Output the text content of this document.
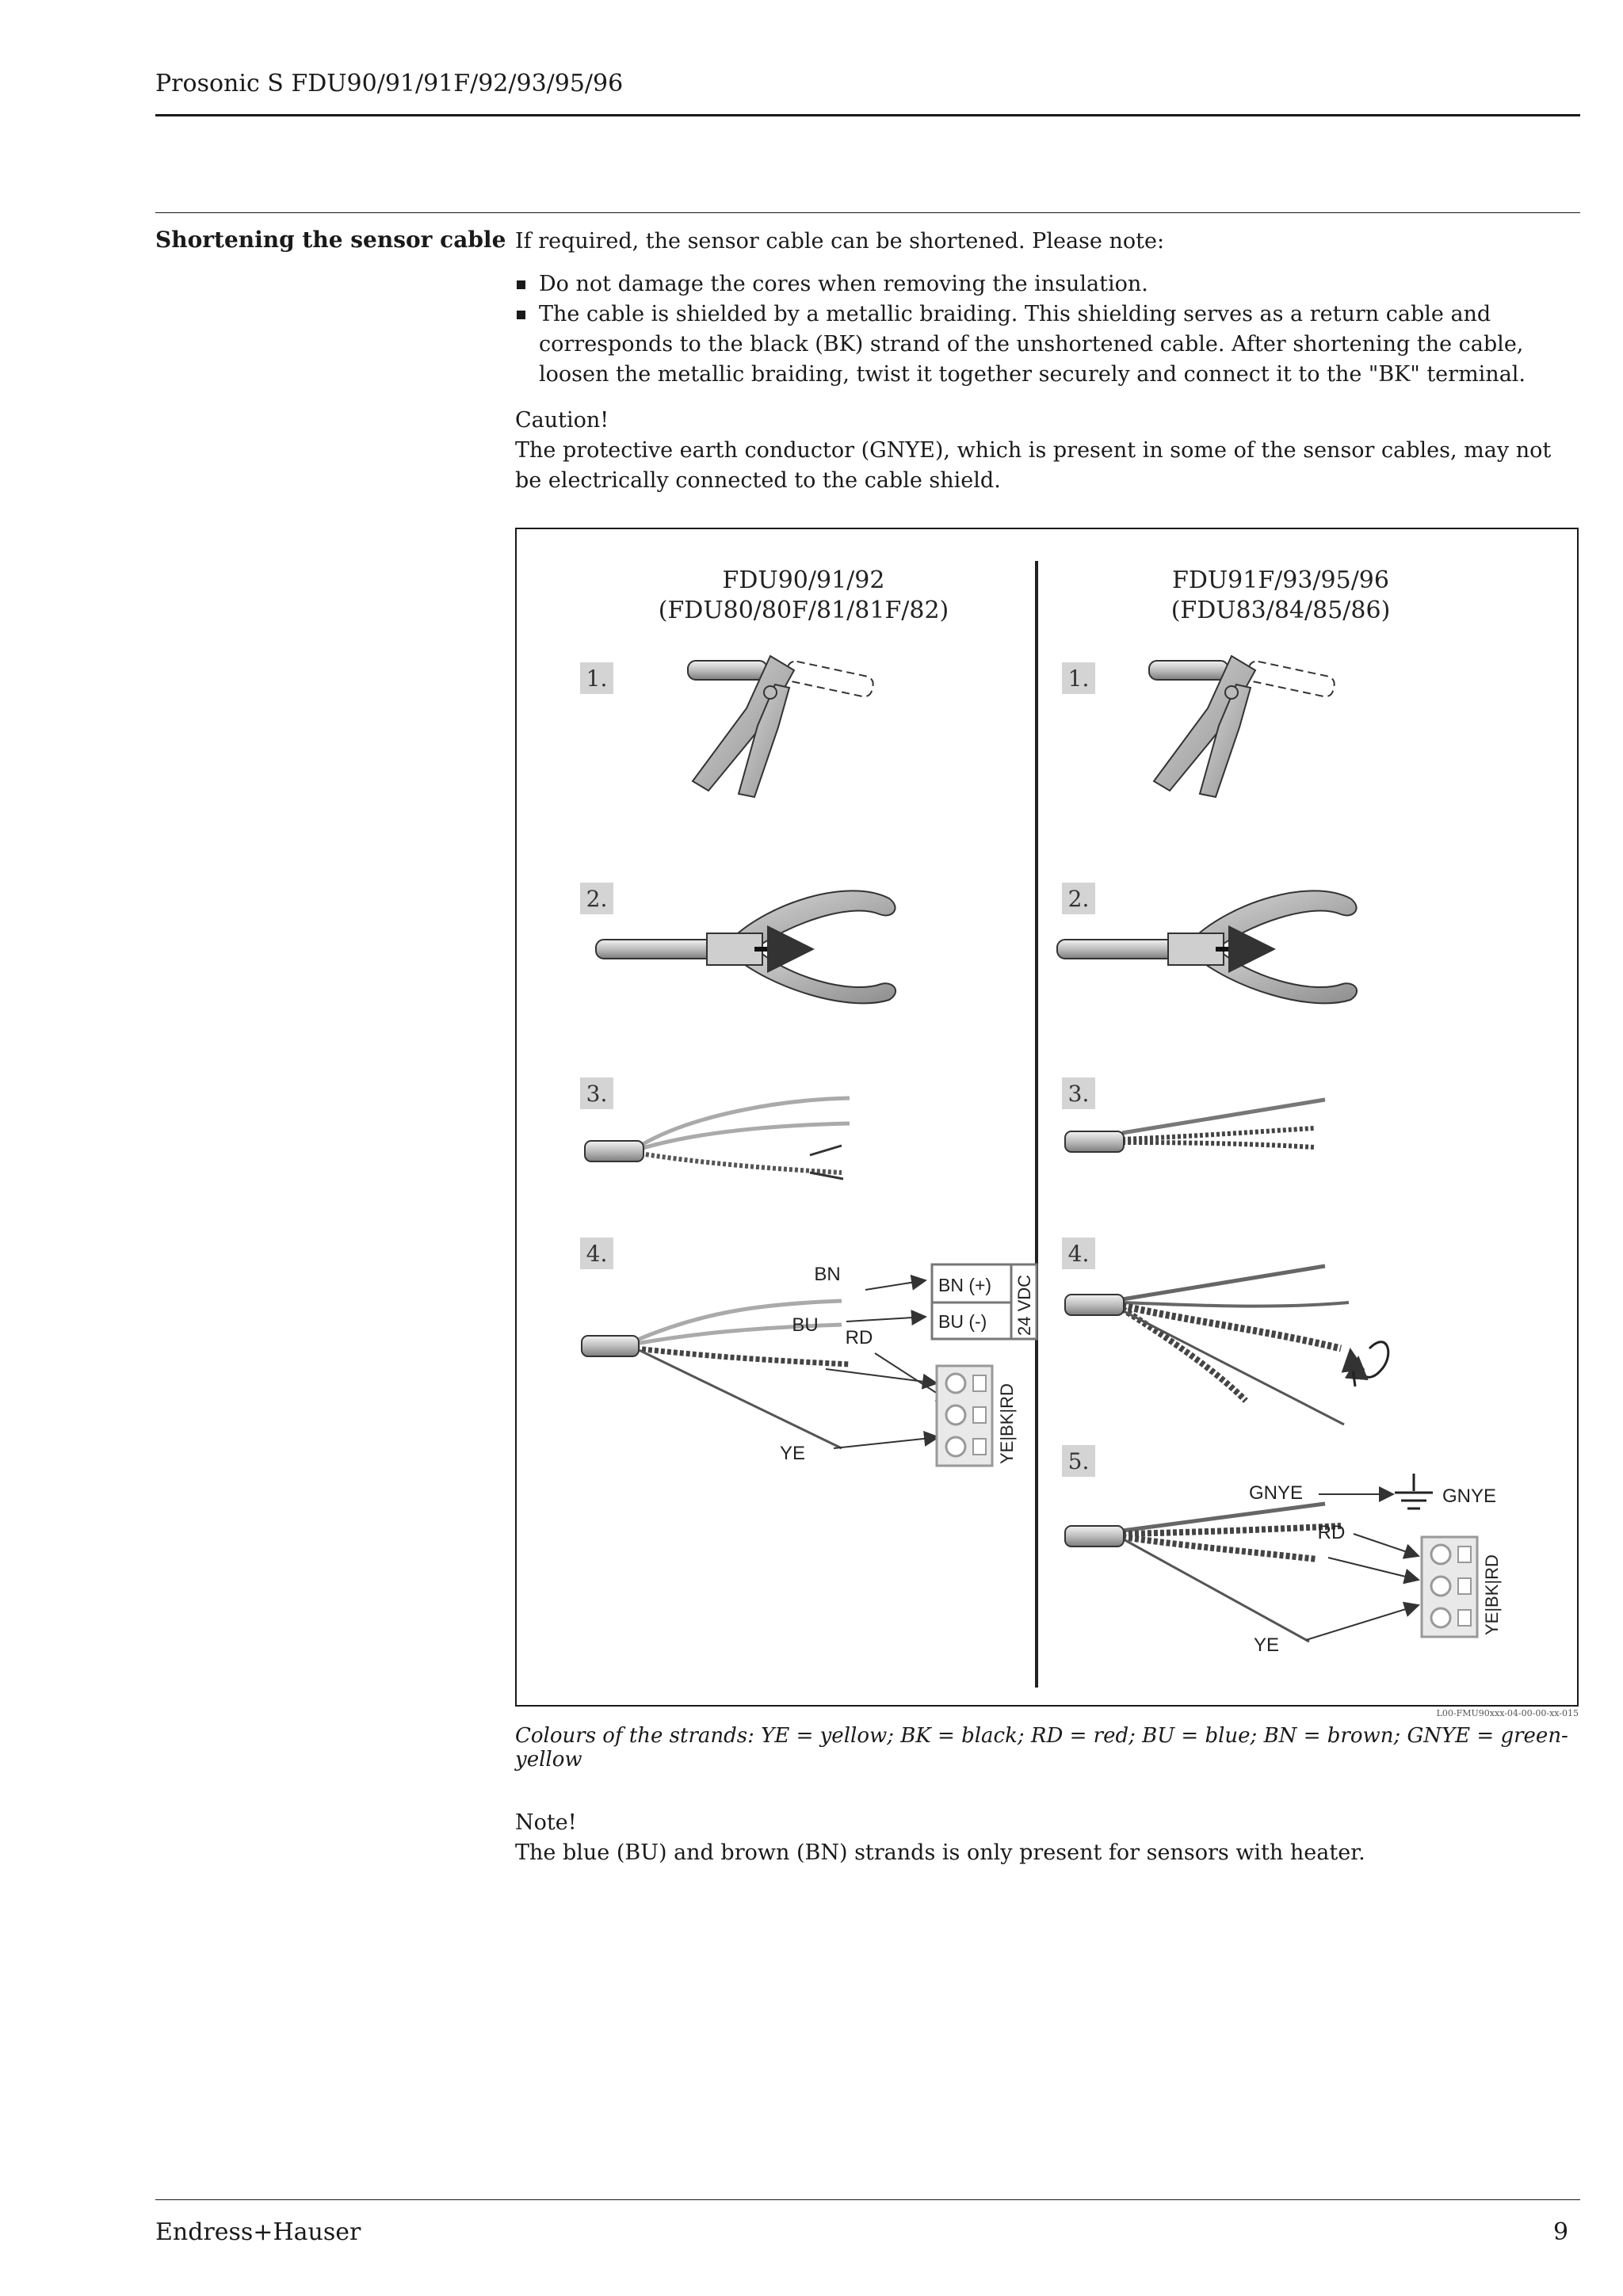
Prosonic S FDU90/91/91F/92/93/95/96
Shortening the sensor cable If required, the sensor cable can be shortened. Please note:
Do not damage the cores when removing the insulation.
The cable is shielded by a metallic braiding. This shielding serves as a return cable and corresponds to the black (BK) strand of the unshortened cable. After shortening the cable, loosen the metallic braiding, twist it together securely and connect it to the "BK" terminal.
Caution!
The protective earth conductor (GNYE), which is present in some of the sensor cables, may not be electrically connected to the cable shield.
FDU90/91/92
(FDU80/80F/81/81F/82)
FDU91F/93/95/96
(FDU83/84/85/86)
1.
2.
3.
4.
BN
BU
RD
YE
BN (+)
BU (-) 24 VDC
YE|BK|RD
1.
2.
3.
4.
5.
GNYE
RD
YE
GNYE
YE|BK|RD
L00-FMU90xxx-04-00-00-xx-015
Colours of the strands: YE = yellow; BK = black; RD = red; BU = blue; BN = brown; GNYE = green-yellow
Note!
The blue (BU) and brown (BN) strands is only present for sensors with heater.
Endress+Hauser	9
